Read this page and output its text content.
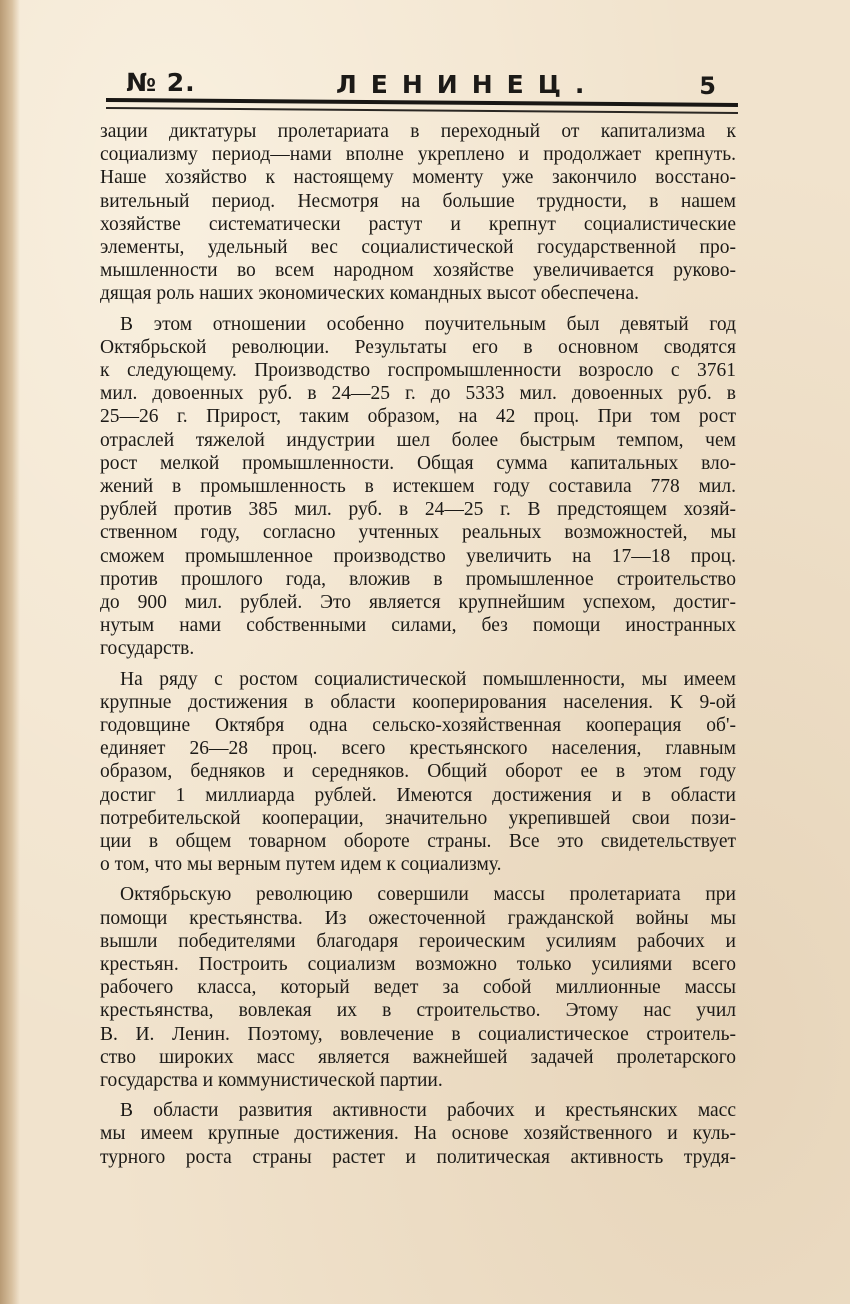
№ 2.	ЛЕНИНЕЦ.	5
зации диктатуры пролетариата в переходный от капитализма к
социализму период—нами вполне укреплено и продолжает крепнуть.
Наше хозяйство к настоящему моменту уже закончило восстано-
вительный период. Несмотря на большие трудности, в нашем
хозяйстве систематически растут и крепнут социалистические
элементы, удельный вес социалистической государственной про-
мышленности во всем народном хозяйстве увеличивается руково-
дящая роль наших экономических командных высот обеспечена.
В этом отношении особенно поучительным был девятый год
Октябрьской революции. Результаты его в основном сводятся
к следующему. Производство госпромышленности возросло с 3761
мил. довоенных руб. в 24—25 г. до 5333 мил. довоенных руб. в
25—26 г. Прирост, таким образом, на 42 проц. При том рост
отраслей тяжелой индустрии шел более быстрым темпом, чем
рост мелкой промышленности. Общая сумма капитальных вло-
жений в промышленность в истекшем году составила 778 мил.
рублей против 385 мил. руб. в 24—25 г. В предстоящем хозяй-
ственном году, согласно учтенных реальных возможностей, мы
сможем промышленное производство увеличить на 17—18 проц.
против прошлого года, вложив в промышленное строительство
до 900 мил. рублей. Это является крупнейшим успехом, достиг-
нутым нами собственными силами, без помощи иностранных
государств.
На ряду с ростом социалистической помышленности, мы имеем
крупные достижения в области кооперирования населения. К 9-ой
годовщине Октября одна сельско-хозяйственная кооперация об'-
единяет 26—28 проц. всего крестьянского населения, главным
образом, бедняков и середняков. Общий оборот ее в этом году
достиг 1 миллиарда рублей. Имеются достижения и в области
потребительской кооперации, значительно укрепившей свои пози-
ции в общем товарном обороте страны. Все это свидетельствует
о том, что мы верным путем идем к социализму.
Октябрьскую революцию совершили массы пролетариата при
помощи крестьянства. Из ожесточенной гражданской войны мы
вышли победителями благодаря героическим усилиям рабочих и
крестьян. Построить социализм возможно только усилиями всего
рабочего класса, который ведет за собой миллионные массы
крестьянства, вовлекая их в строительство. Этому нас учил
В. И. Ленин. Поэтому, вовлечение в социалистическое строитель-
ство широких масс является важнейшей задачей пролетарского
государства и коммунистической партии.
В области развития активности рабочих и крестьянских масс
мы имеем крупные достижения. На основе хозяйственного и куль-
турного роста страны растет и политическая активность трудя-
